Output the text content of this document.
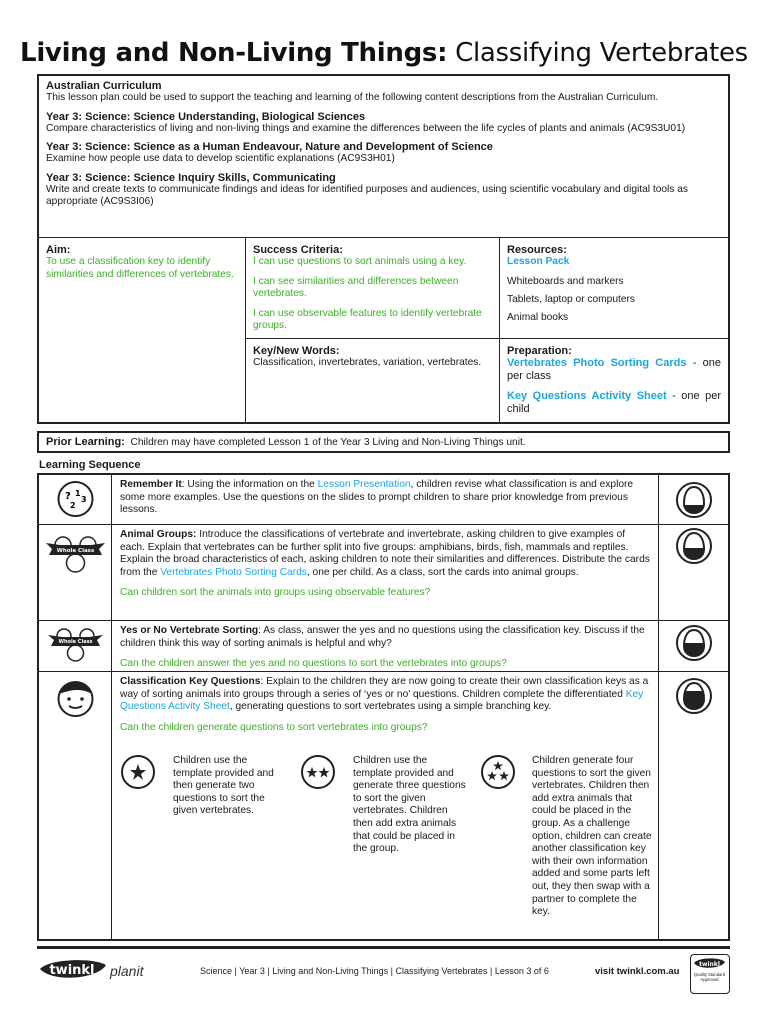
Living and Non-Living Things: Classifying Vertebrates
Australian Curriculum
This lesson plan could be used to support the teaching and learning of the following content descriptions from the Australian Curriculum.
Year 3: Science: Science Understanding, Biological Sciences
Compare characteristics of living and non-living things and examine the differences between the life cycles of plants and animals (AC9S3U01)
Year 3: Science: Science as a Human Endeavour, Nature and Development of Science
Examine how people use data to develop scientific explanations (AC9S3H01)
Year 3: Science: Science Inquiry Skills, Communicating
Write and create texts to communicate findings and ideas for identified purposes and audiences, using scientific vocabulary and digital tools as appropriate (AC9S3I06)
Aim:
To use a classification key to identify similarities and differences of vertebrates.
Success Criteria:
I can use questions to sort animals using a key.
I can see similarities and differences between vertebrates.
I can use observable features to identify vertebrate groups.
Key/New Words:
Classification, invertebrates, variation, vertebrates.
Resources:
Lesson Pack
Whiteboards and markers
Tablets, laptop or computers
Animal books
Preparation:
Vertebrates Photo Sorting Cards - one per class
Key Questions Activity Sheet - one per child
Prior Learning: Children may have completed Lesson 1 of the Year 3 Living and Non-Living Things unit.
Learning Sequence
? 1
3
2
Remember It: Using the information on the Lesson Presentation, children revise what classification is and explore some more examples. Use the questions on the slides to prompt children to share prior knowledge from previous lessons.
Whole Class
Animal Groups: Introduce the classifications of vertebrate and invertebrate, asking children to give examples of each. Explain that vertebrates can be further split into five groups: amphibians, birds, fish, mammals and reptiles. Explain the broad characteristics of each, asking children to note their similarities and differences. Distribute the cards from the Vertebrates Photo Sorting Cards, one per child. As a class, sort the cards into animal groups.
Can children sort the animals into groups using observable features?
Whole Class
Yes or No Vertebrate Sorting: As class, answer the yes and no questions using the classification key. Discuss if the children think this way of sorting animals is helpful and why?
Can the children answer the yes and no questions to sort the vertebrates into groups?
Classification Key Questions: Explain to the children they are now going to create their own classification keys as a way of sorting animals into groups through a series of ‘yes or no’ questions. Children complete the differentiated Key Questions Activity Sheet, generating questions to sort vertebrates using a simple branching key.
Can the children generate questions to sort vertebrates into groups?
Children use the template provided and then generate two questions to sort the given vertebrates.
Children use the template provided and generate three questions to sort the given vertebrates. Children then add extra animals that could be placed in the group.
Children generate four questions to sort the given vertebrates. Children then add extra animals that could be placed in the group. As a challenge option, children can create another classification key with their own information added and some parts left out, they then swap with a partner to complete the key.
twinkl planit	Science | Year 3 | Living and Non-Living Things | Classifying Vertebrates | Lesson 3 of 6	visit twinkl.com.au
twinkl
Quality Standard Approved
